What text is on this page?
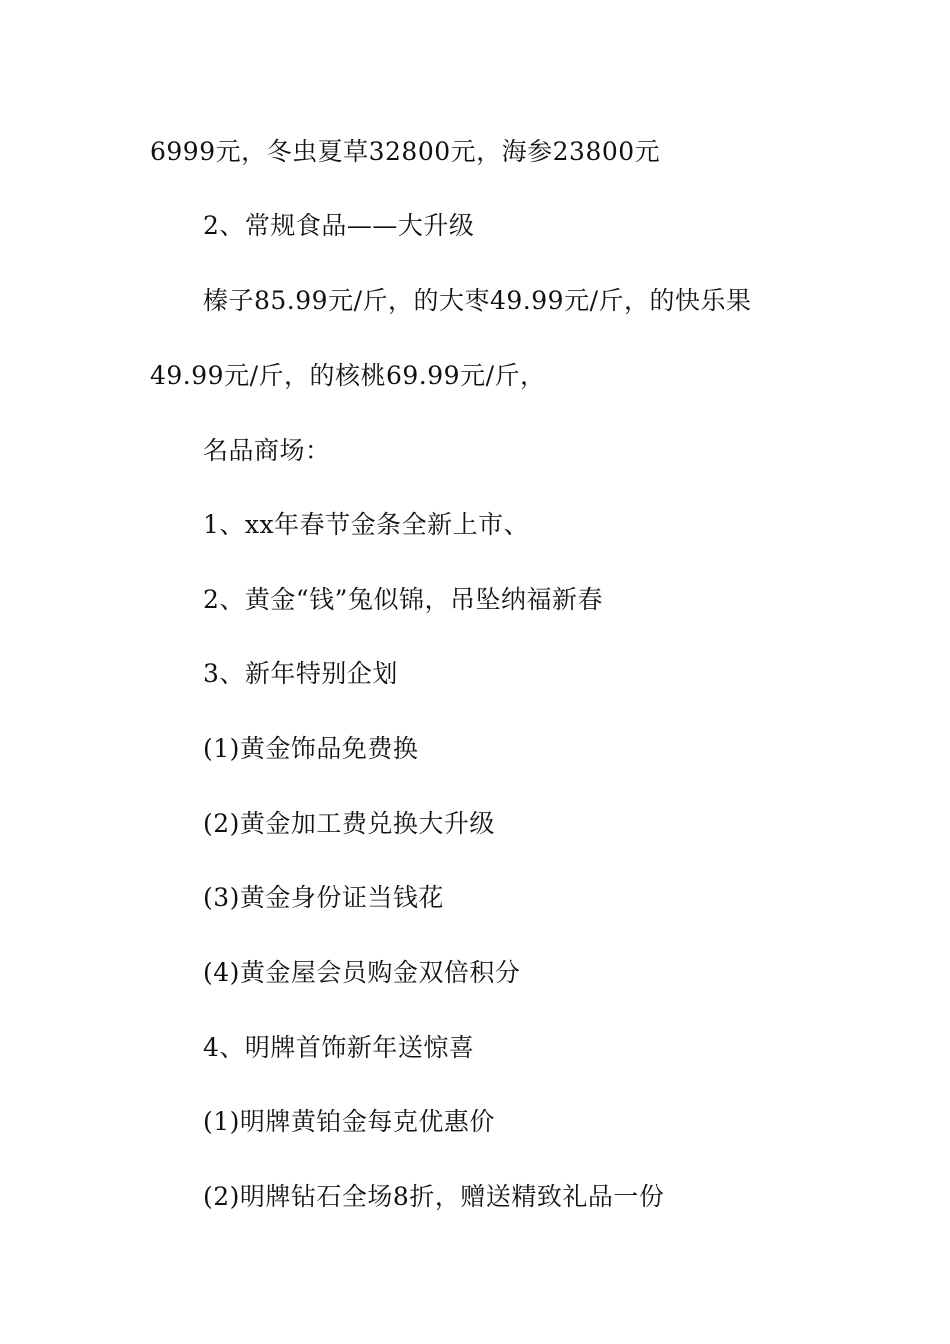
6999元，冬虫夏草32800元，海参23800元
2、常规食品——大升级
榛子85.99元/斤，的大枣49.99元/斤，的快乐果
49.99元/斤，的核桃69.99元/斤，
名品商场：
1、xx年春节金条全新上市、
2、黄金“钱”兔似锦，吊坠纳福新春
3、新年特别企划
(1)黄金饰品免费换
(2)黄金加工费兑换大升级
(3)黄金身份证当钱花
(4)黄金屋会员购金双倍积分
4、明牌首饰新年送惊喜
(1)明牌黄铂金每克优惠价
(2)明牌钻石全场8折，赠送精致礼品一份
